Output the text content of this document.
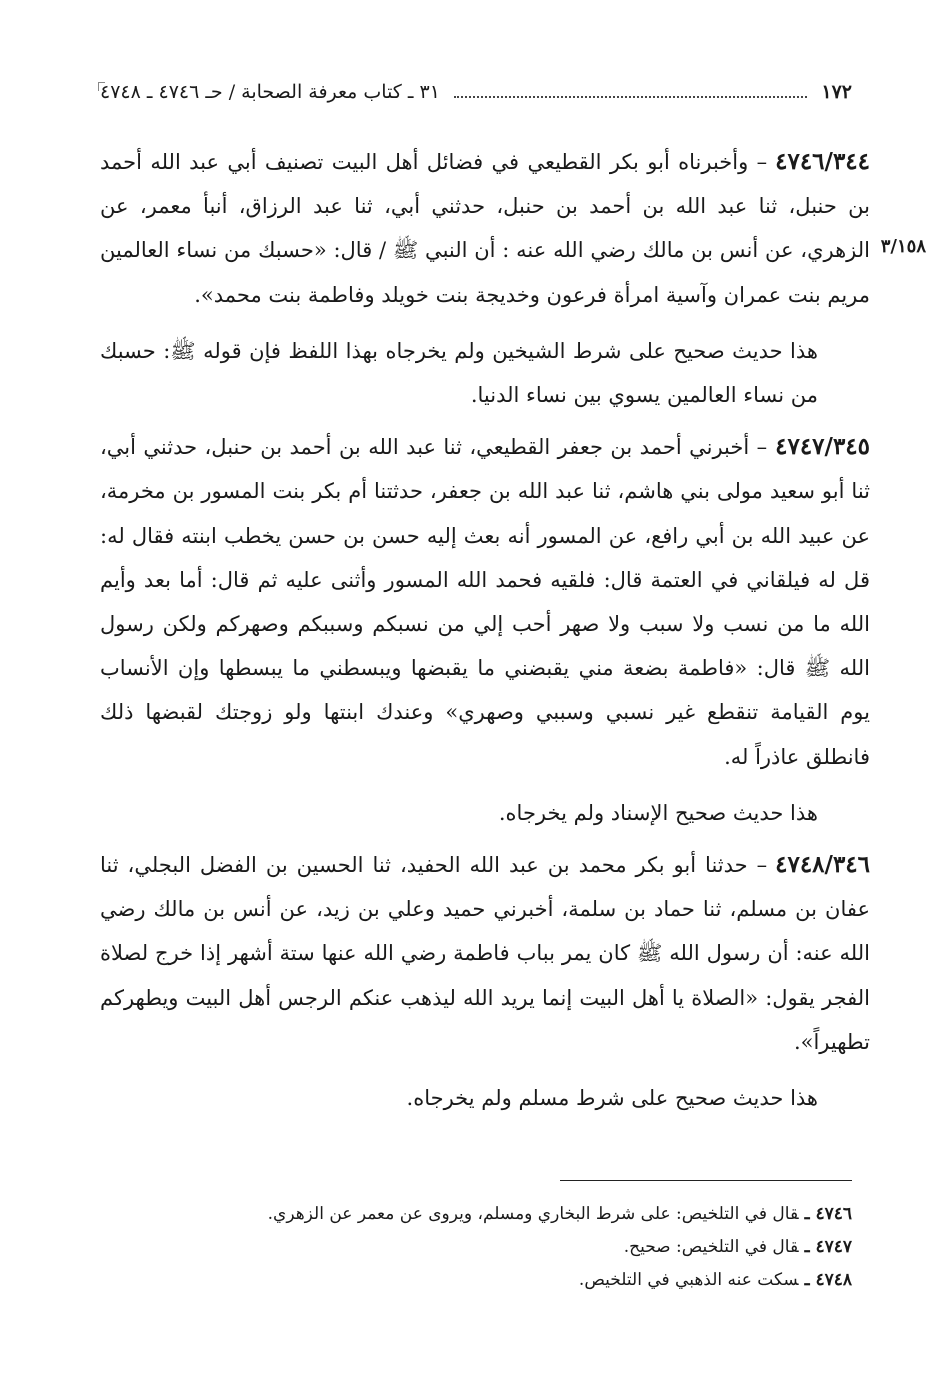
١٧٢
٣١ ـ كتاب معرفة الصحابة / حـ ٤٧٤٦ ـ ٤٧٤٨
٣/١٥٨

٤٧٤٦/٣٤٤– وأخبرناه أبو بكر القطيعي في فضائل أهل البيت تصنيف أبي عبد الله أحمد بن حنبل، ثنا عبد الله بن أحمد بن حنبل، حدثني أبي، ثنا عبد الرزاق، أنبأ معمر، عن الزهري، عن أنس بن مالك رضي الله عنه : أن النبي ﷺ / قال: «حسبك من نساء العالمين مريم بنت عمران وآسية امرأة فرعون وخديجة بنت خويلد وفاطمة بنت محمد».

هذا حديث صحيح على شرط الشيخين ولم يخرجاه بهذا اللفظ فإن قوله ﷺ: حسبك من نساء العالمين يسوي بين نساء الدنيا.

٤٧٤٧/٣٤٥– أخبرني أحمد بن جعفر القطيعي، ثنا عبد الله بن أحمد بن حنبل، حدثني أبي، ثنا أبو سعيد مولى بني هاشم، ثنا عبد الله بن جعفر، حدثتنا أم بكر بنت المسور بن مخرمة، عن عبيد الله بن أبي رافع، عن المسور أنه بعث إليه حسن بن حسن يخطب ابنته فقال له: قل له فيلقاني في العتمة قال: فلقيه فحمد الله المسور وأثنى عليه ثم قال: أما بعد وأيم الله ما من نسب ولا سبب ولا صهر أحب إلي من نسبكم وسببكم وصهركم ولكن رسول الله ﷺ قال: «فاطمة بضعة مني يقبضني ما يقبضها ويبسطني ما يبسطها وإن الأنساب يوم القيامة تنقطع غير نسبي وسببي وصهري» وعندك ابنتها ولو زوجتك لقبضها ذلك فانطلق عاذراً له.

هذا حديث صحيح الإسناد ولم يخرجاه.

٤٧٤٨/٣٤٦– حدثنا أبو بكر محمد بن عبد الله الحفيد، ثنا الحسين بن الفضل البجلي، ثنا عفان بن مسلم، ثنا حماد بن سلمة، أخبرني حميد وعلي بن زيد، عن أنس بن مالك رضي الله عنه: أن رسول الله ﷺ كان يمر بباب فاطمة رضي الله عنها ستة أشهر إذا خرج لصلاة الفجر يقول: «الصلاة يا أهل البيت إنما يريد الله ليذهب عنكم الرجس أهل البيت ويطهركم تطهيراً».

هذا حديث صحيح على شرط مسلم ولم يخرجاه.

٤٧٤٦ ـقال في التلخيص: على شرط البخاري ومسلم، ويروى عن معمر عن الزهري.
٤٧٤٧ ـقال في التلخيص: صحيح.
٤٧٤٨ ـسكت عنه الذهبي في التلخيص.
